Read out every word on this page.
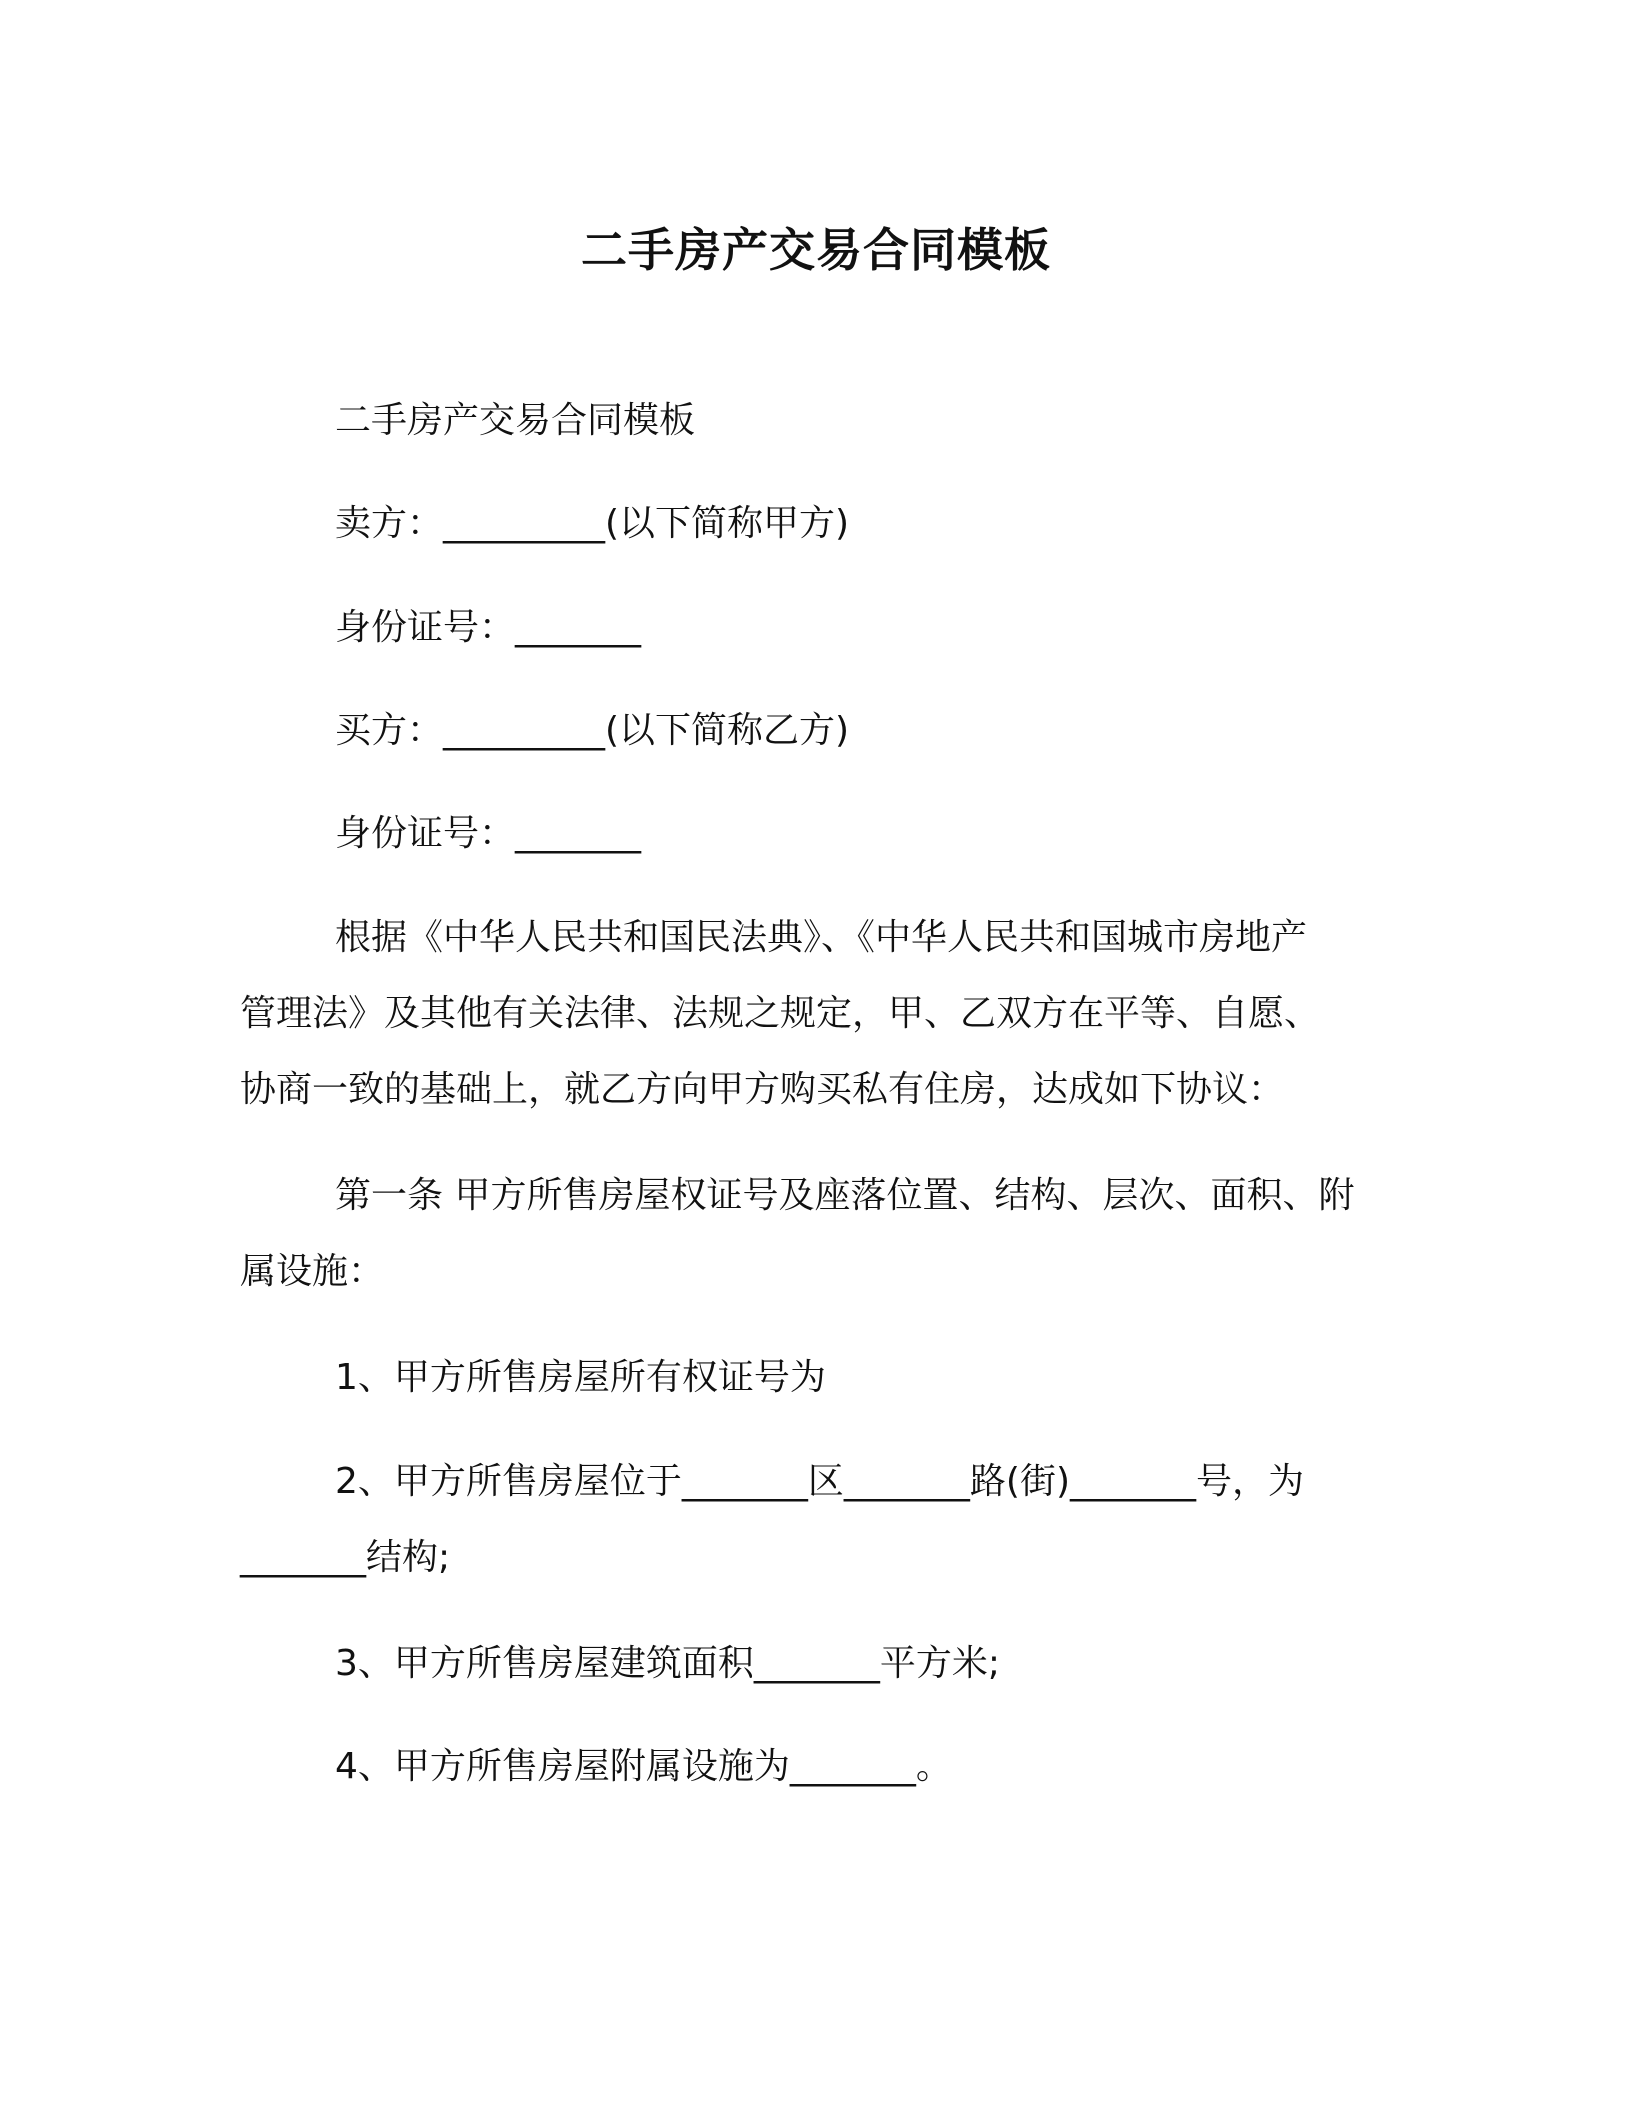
二手房产交易合同模板

二手房产交易合同模板

卖方：_________(以下简称甲方)

身份证号：_______

买方：_________(以下简称乙方)

身份证号：_______

根据《中华人民共和国民法典》、《中华人民共和国城市房地产

管理法》及其他有关法律、法规之规定，甲、乙双方在平等、自愿、

协商一致的基础上，就乙方向甲方购买私有住房，达成如下协议：

第一条 甲方所售房屋权证号及座落位置、结构、层次、面积、附

属设施：

1、甲方所售房屋所有权证号为

2、甲方所售房屋位于_______区_______路(街)_______号，为

_______结构;

3、甲方所售房屋建筑面积_______平方米;

4、甲方所售房屋附属设施为_______。
